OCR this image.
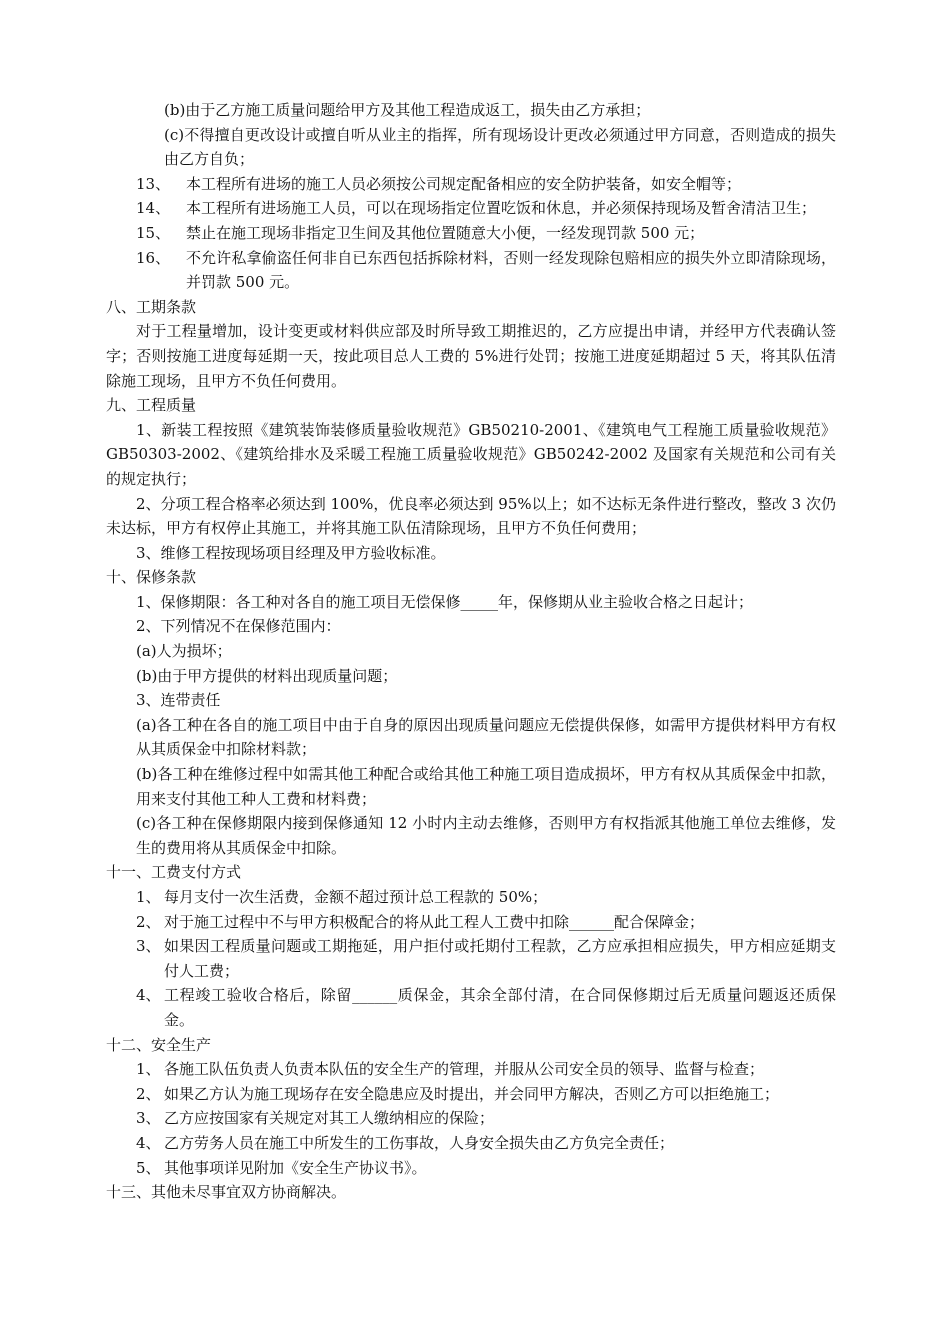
(b)由于乙方施工质量问题给甲方及其他工程造成返工，损失由乙方承担；

(c)不得擅自更改设计或擅自听从业主的指挥，所有现场设计更改必须通过甲方同意，否则造成的损失由乙方自负；

13、	本工程所有进场的施工人员必须按公司规定配备相应的安全防护装备，如安全帽等；
14、	本工程所有进场施工人员，可以在现场指定位置吃饭和休息，并必须保持现场及暂舍清洁卫生；
15、	禁止在施工现场非指定卫生间及其他位置随意大小便，一经发现罚款 500 元；
16、	不允许私拿偷盗任何非自已东西包括拆除材料，否则一经发现除包赔相应的损失外立即清除现场，并罚款 500 元。

八、工期条款

对于工程量增加，设计变更或材料供应部及时所导致工期推迟的，乙方应提出申请，并经甲方代表确认签字；否则按施工进度每延期一天，按此项目总人工费的 5%进行处罚；按施工进度延期超过 5 天，将其队伍清除施工现场，且甲方不负任何费用。

九、工程质量

1、新装工程按照《建筑装饰装修质量验收规范》GB50210-2001、《建筑电气工程施工质量验收规范》GB50303-2002、《建筑给排水及采暖工程施工质量验收规范》GB50242-2002 及国家有关规范和公司有关的规定执行；

2、分项工程合格率必须达到 100%，优良率必须达到 95%以上；如不达标无条件进行整改，整改 3 次仍未达标，甲方有权停止其施工，并将其施工队伍清除现场，且甲方不负任何费用；

3、维修工程按现场项目经理及甲方验收标准。

十、保修条款

1、保修期限：各工种对各自的施工项目无偿保修_____年，保修期从业主验收合格之日起计；

2、下列情况不在保修范围内：

(a)人为损坏；

(b)由于甲方提供的材料出现质量问题；

3、连带责任

(a)各工种在各自的施工项目中由于自身的原因出现质量问题应无偿提供保修，如需甲方提供材料甲方有权从其质保金中扣除材料款；

(b)各工种在维修过程中如需其他工种配合或给其他工种施工项目造成损坏，甲方有权从其质保金中扣款，用来支付其他工种人工费和材料费；

(c)各工种在保修期限内接到保修通知 12 小时内主动去维修，否则甲方有权指派其他施工单位去维修，发生的费用将从其质保金中扣除。

十一、工费支付方式

1、 每月支付一次生活费，金额不超过预计总工程款的 50%；
2、 对于施工过程中不与甲方积极配合的将从此工程人工费中扣除______配合保障金；
3、 如果因工程质量问题或工期拖延，用户拒付或托期付工程款，乙方应承担相应损失，甲方相应延期支付人工费；
4、 工程竣工验收合格后，除留______质保金，其余全部付清，在合同保修期过后无质量问题返还质保金。

十二、安全生产

1、 各施工队伍负责人负责本队伍的安全生产的管理，并服从公司安全员的领导、监督与检查；
2、 如果乙方认为施工现场存在安全隐患应及时提出，并会同甲方解决，否则乙方可以拒绝施工；
3、 乙方应按国家有关规定对其工人缴纳相应的保险；
4、 乙方劳务人员在施工中所发生的工伤事故，人身安全损失由乙方负完全责任；
5、 其他事项详见附加《安全生产协议书》。

十三、其他未尽事宜双方协商解决。
